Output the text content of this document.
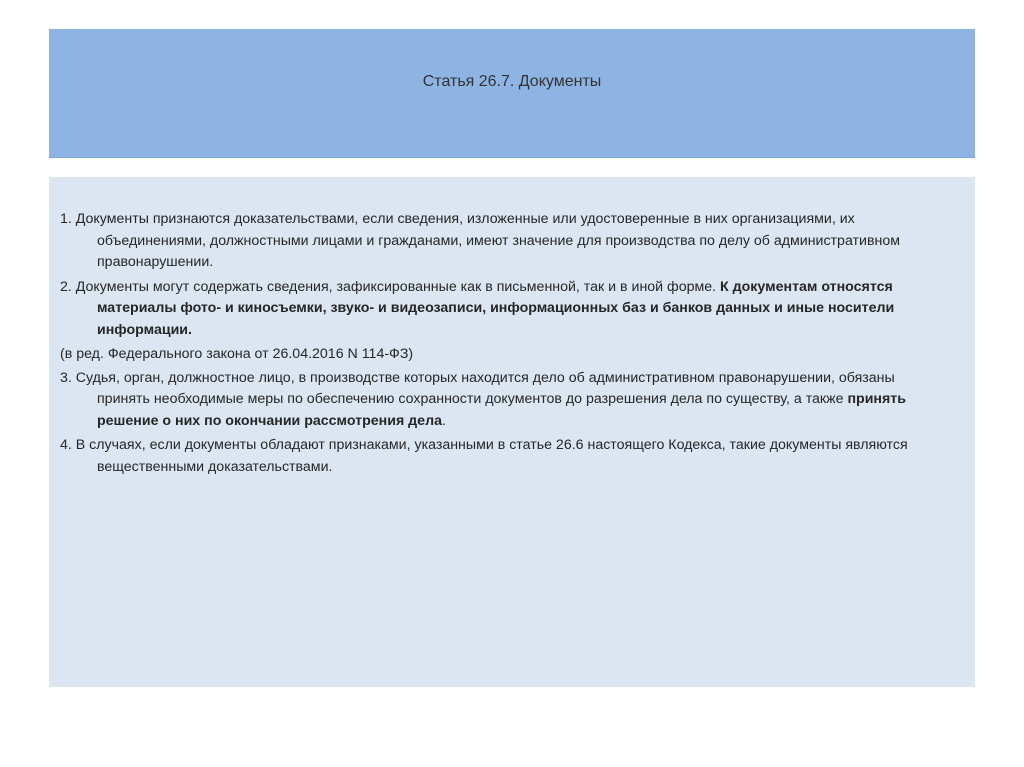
Статья 26.7. Документы

1. Документы признаются доказательствами, если сведения, изложенные или удостоверенные в них организациями, их объединениями, должностными лицами и гражданами, имеют значение для производства по делу об административном правонарушении.

2. Документы могут содержать сведения, зафиксированные как в письменной, так и в иной форме. К документам относятся материалы фото- и киносъемки, звуко- и видеозаписи, информационных баз и банков данных и иные носители информации.

(в ред. Федерального закона от 26.04.2016 N 114-ФЗ)

3. Судья, орган, должностное лицо, в производстве которых находится дело об административном правонарушении, обязаны принять необходимые меры по обеспечению сохранности документов до разрешения дела по существу, а также принять решение о них по окончании рассмотрения дела.

4. В случаях, если документы обладают признаками, указанными в статье 26.6 настоящего Кодекса, такие документы являются вещественными доказательствами.
